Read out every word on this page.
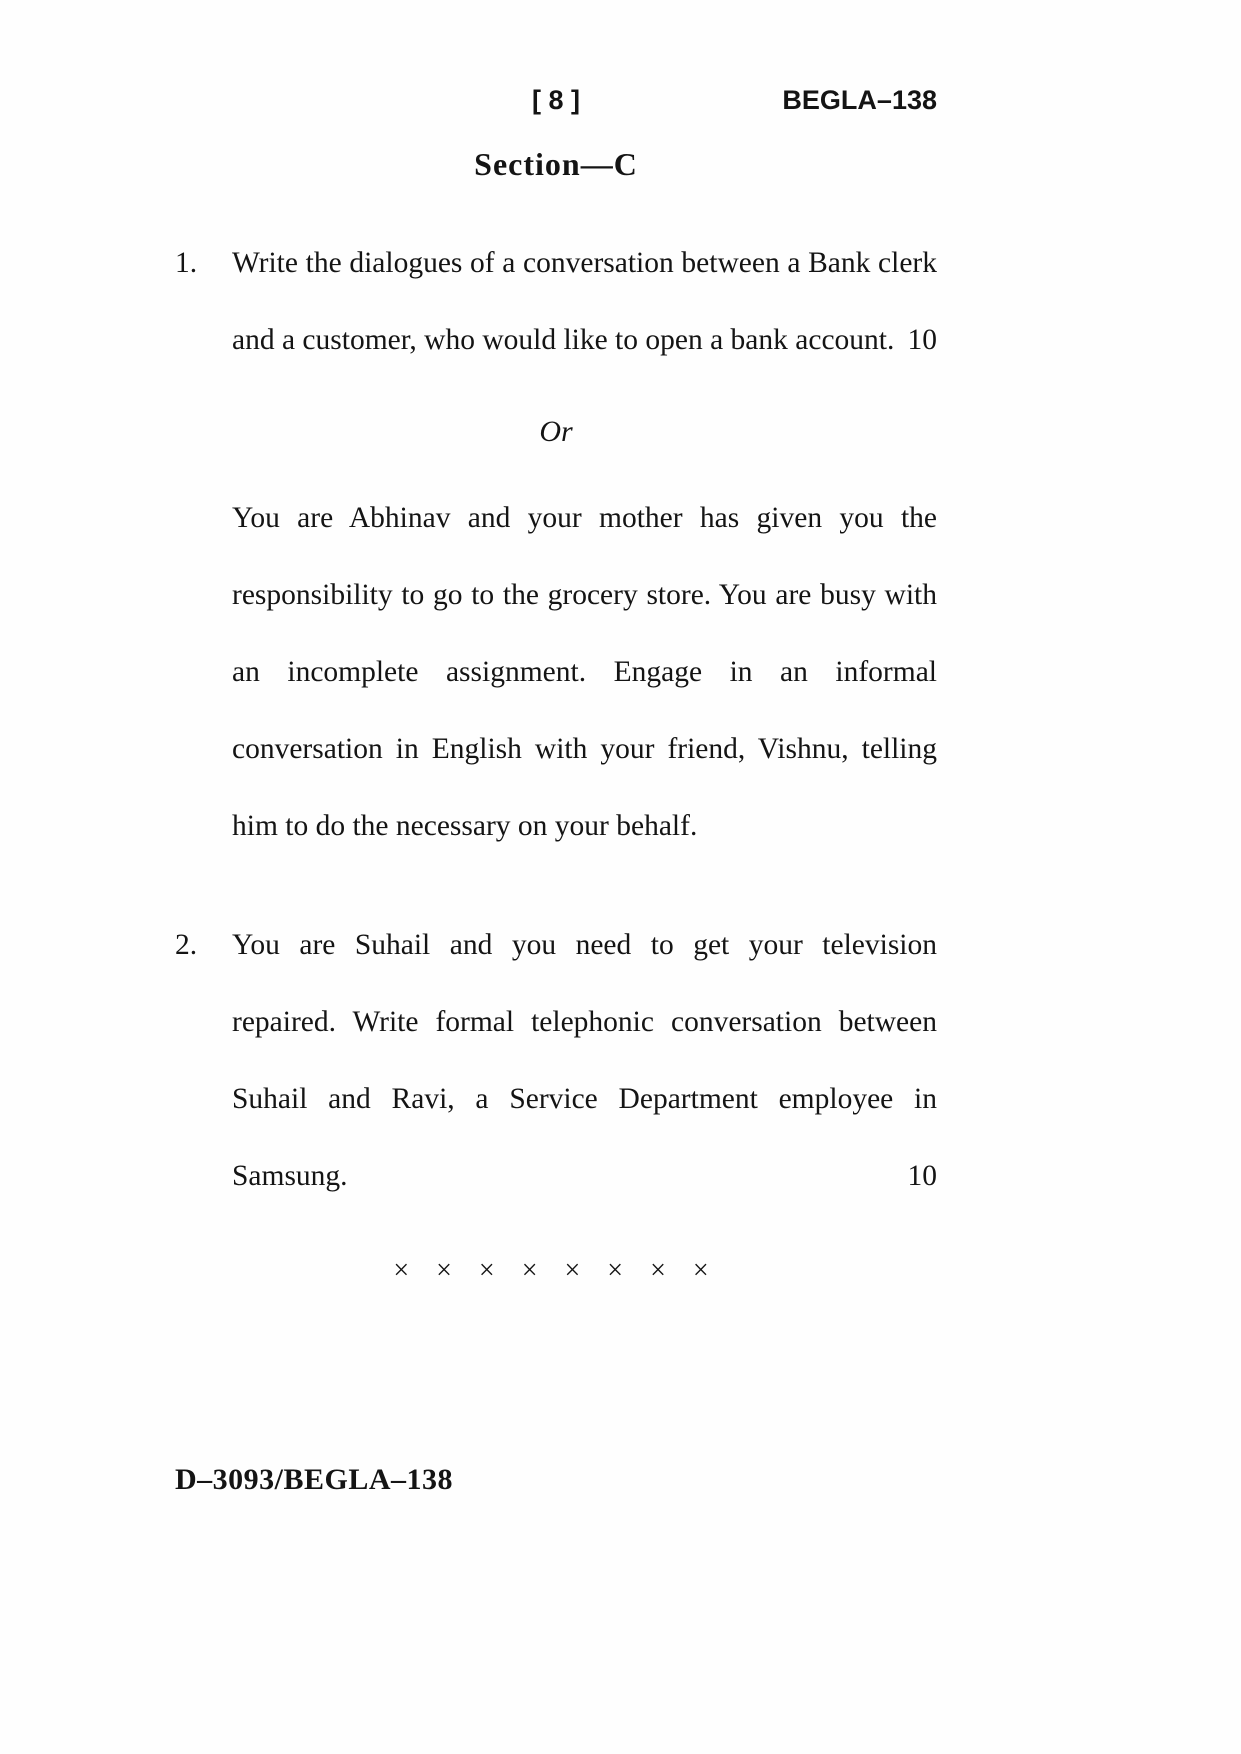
[ 8 ]	BEGLA–138
Section—C
1.	Write the dialogues of a conversation between a Bank clerk and a customer, who would like to open a bank account. 10
Or
You are Abhinav and your mother has given you the responsibility to go to the grocery store. You are busy with an incomplete assignment. Engage in an informal conversation in English with your friend, Vishnu, telling him to do the necessary on your behalf.
2.	You are Suhail and you need to get your television repaired. Write formal telephonic conversation between Suhail and Ravi, a Service Department employee in Samsung.	10
× × × × × × × ×
D–3093/BEGLA–138
